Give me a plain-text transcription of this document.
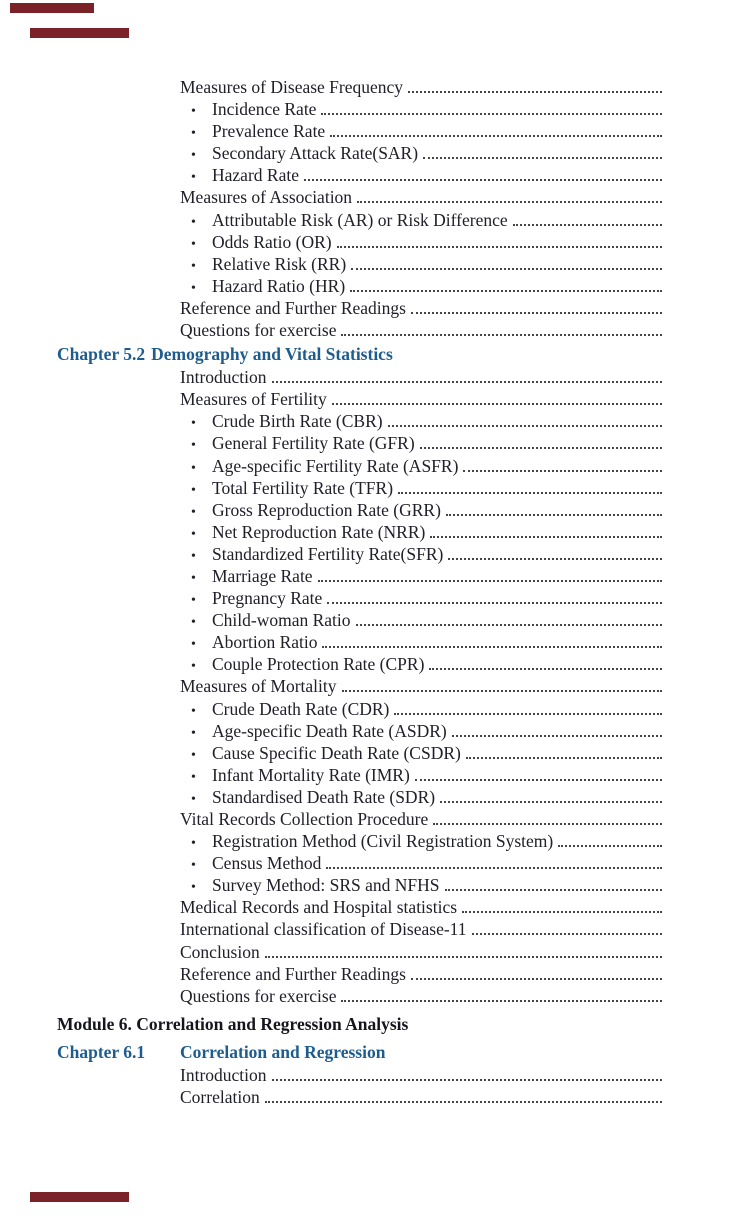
Measures of Disease Frequency
• Incidence Rate
• Prevalence Rate
• Secondary Attack Rate(SAR)
• Hazard Rate
Measures of Association
• Attributable Risk (AR) or Risk Difference
• Odds Ratio (OR)
• Relative Risk (RR)
• Hazard Ratio (HR)
Reference and Further Readings
Questions for exercise
Chapter 5.2 Demography and Vital Statistics
Introduction
Measures of Fertility
• Crude Birth Rate (CBR)
• General Fertility Rate (GFR)
• Age-specific Fertility Rate (ASFR)
• Total Fertility Rate (TFR)
• Gross Reproduction Rate (GRR)
• Net Reproduction Rate (NRR)
• Standardized Fertility Rate(SFR)
• Marriage Rate
• Pregnancy Rate
• Child-woman Ratio
• Abortion Ratio
• Couple Protection Rate (CPR)
Measures of Mortality
• Crude Death Rate (CDR)
• Age-specific Death Rate (ASDR)
• Cause Specific Death Rate (CSDR)
• Infant Mortality Rate (IMR)
• Standardised Death Rate (SDR)
Vital Records Collection Procedure
• Registration Method (Civil Registration System)
• Census Method
• Survey Method: SRS and NFHS
Medical Records and Hospital statistics
International classification of Disease-11
Conclusion
Reference and Further Readings
Questions for exercise
Module 6. Correlation and Regression Analysis
Chapter 6.1	Correlation and Regression
Introduction
Correlation
